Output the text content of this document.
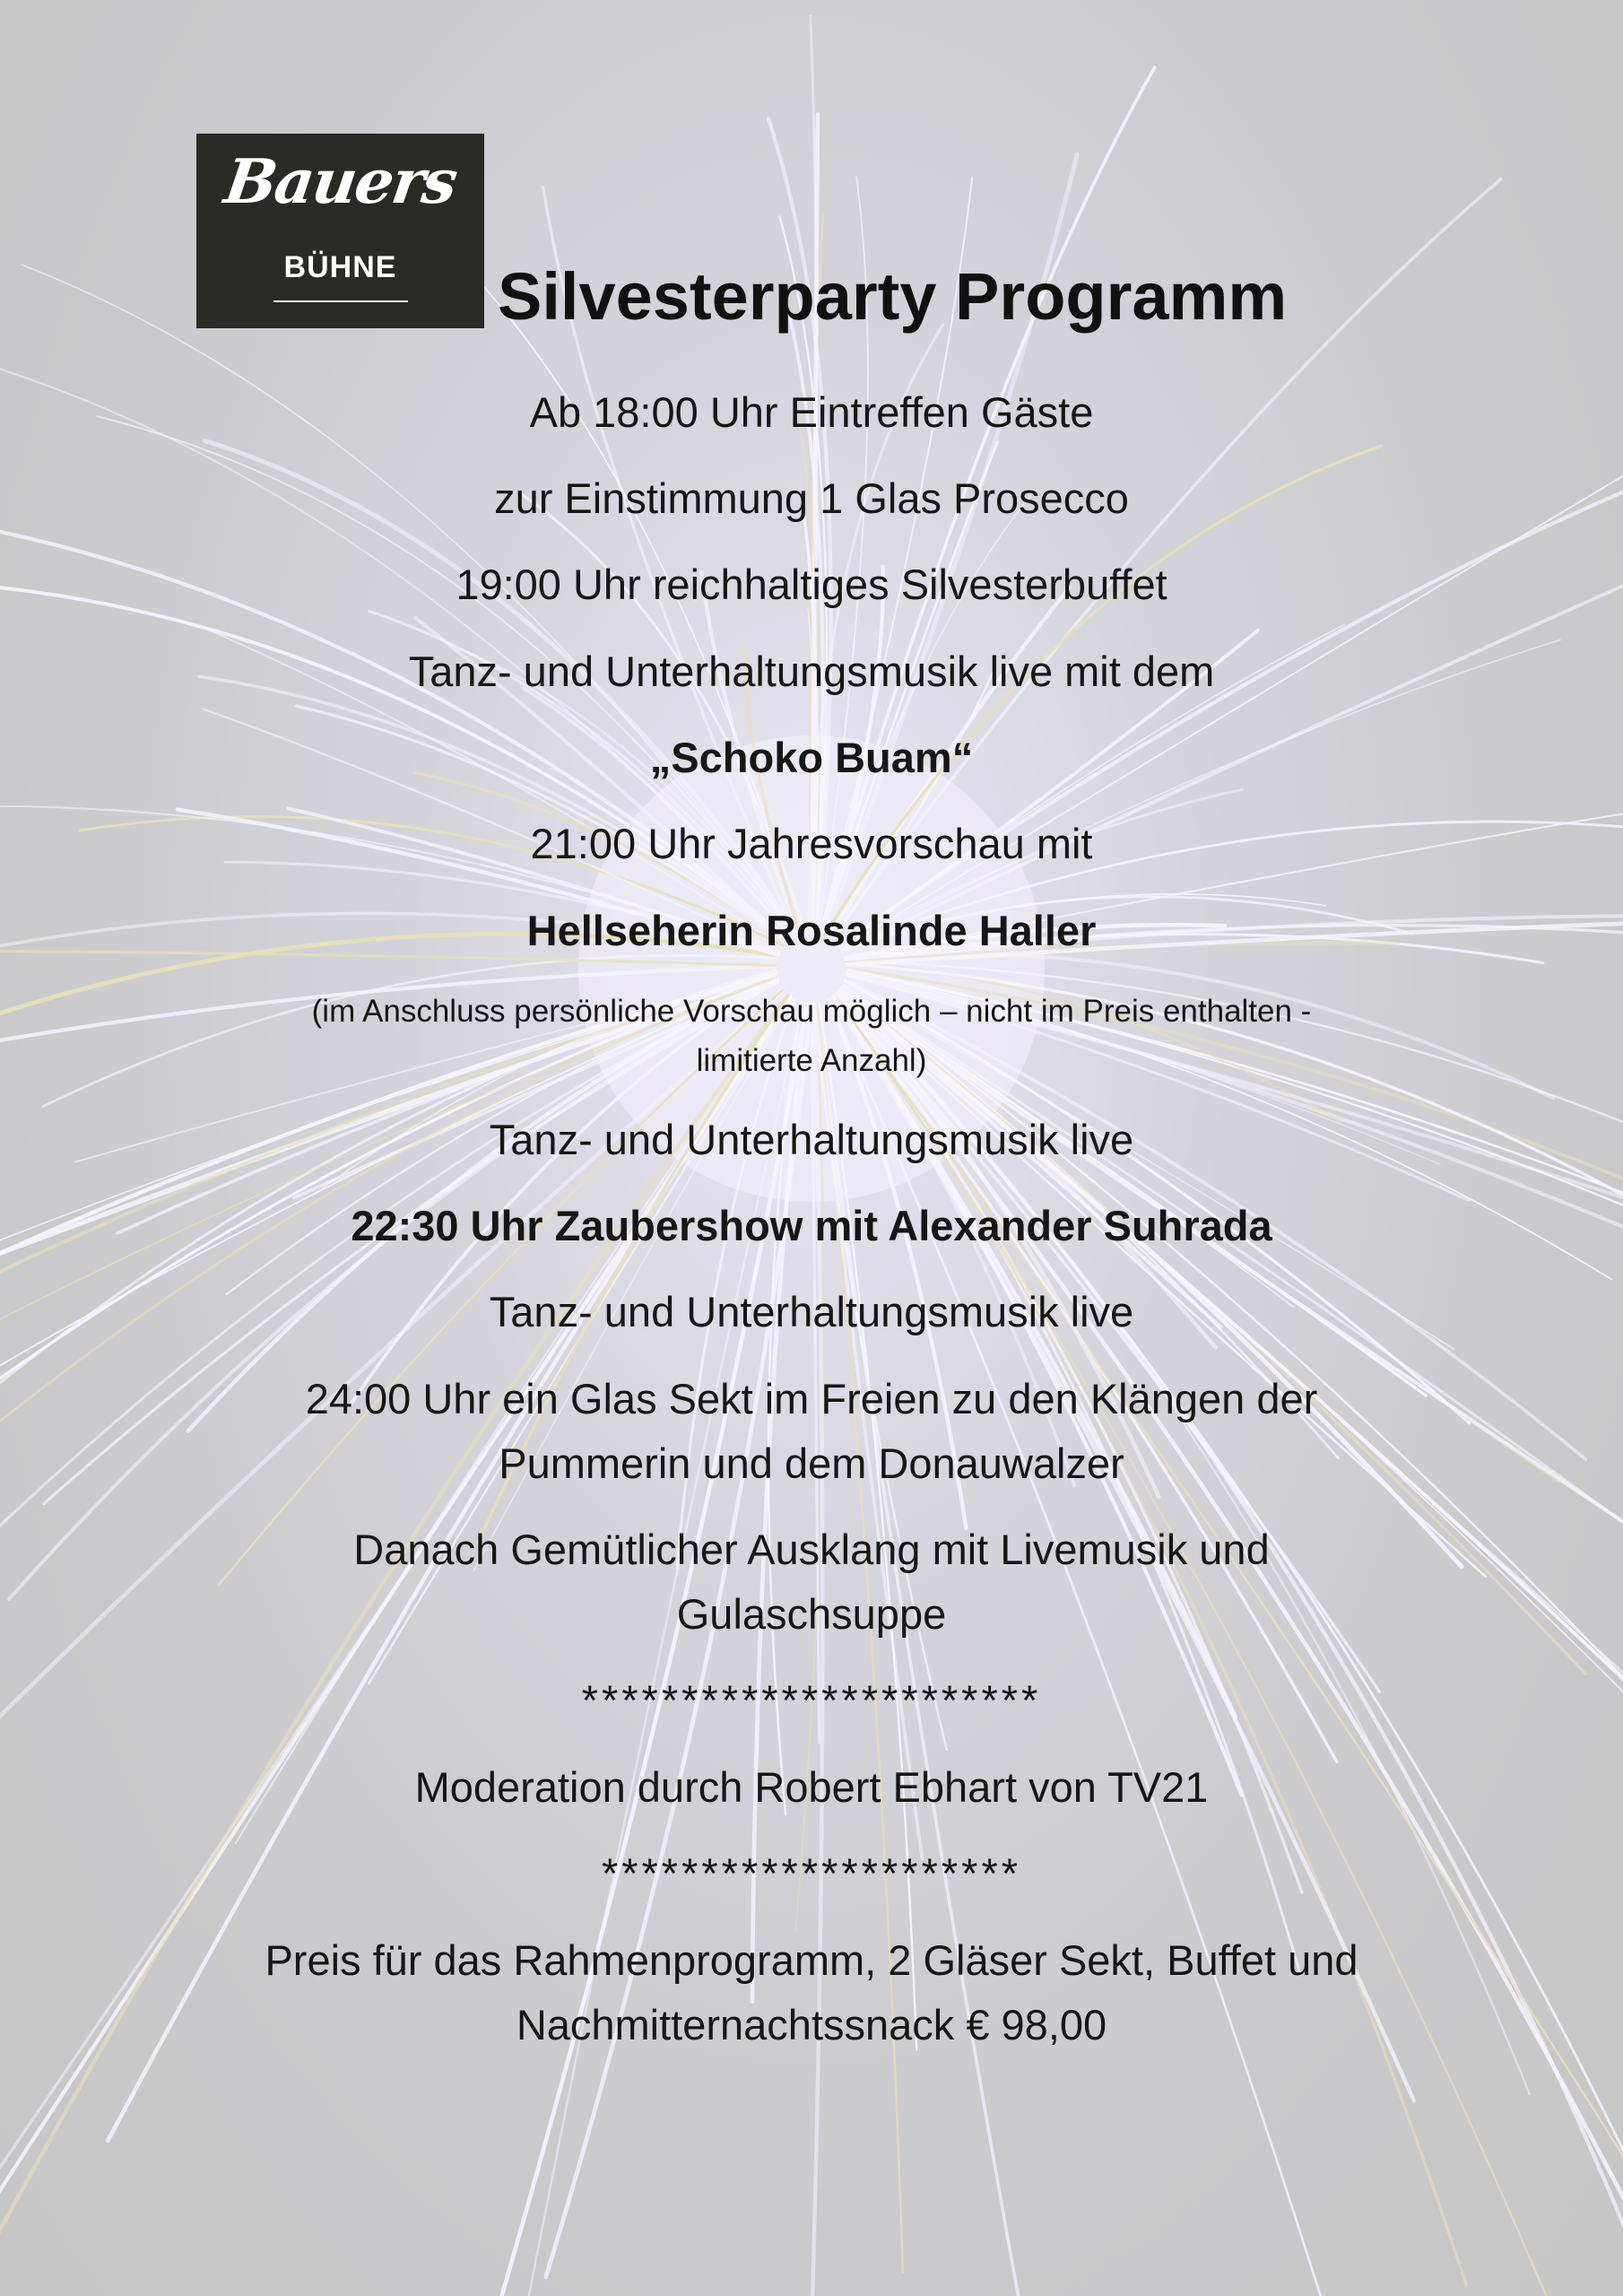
Bauers
BÜHNE	Silvesterparty Programm
Ab 18:00 Uhr Eintreffen Gäste
zur Einstimmung 1 Glas Prosecco
19:00 Uhr reichhaltiges Silvesterbuffet
Tanz- und Unterhaltungsmusik live mit dem
„Schoko Buam“
21:00 Uhr Jahresvorschau mit
Hellseherin Rosalinde Haller
(im Anschluss persönliche Vorschau möglich – nicht im Preis enthalten -
limitierte Anzahl)
Tanz- und Unterhaltungsmusik live
22:30 Uhr Zaubershow mit Alexander Suhrada
Tanz- und Unterhaltungsmusik live
24:00 Uhr ein Glas Sekt im Freien zu den Klängen der
Pummerin und dem Donauwalzer
Danach Gemütlicher Ausklang mit Livemusik und
Gulaschsuppe
***********************
Moderation durch Robert Ebhart von TV21
*********************
Preis für das Rahmenprogramm, 2 Gläser Sekt, Buffet und
Nachmitternachtssnack € 98,00
